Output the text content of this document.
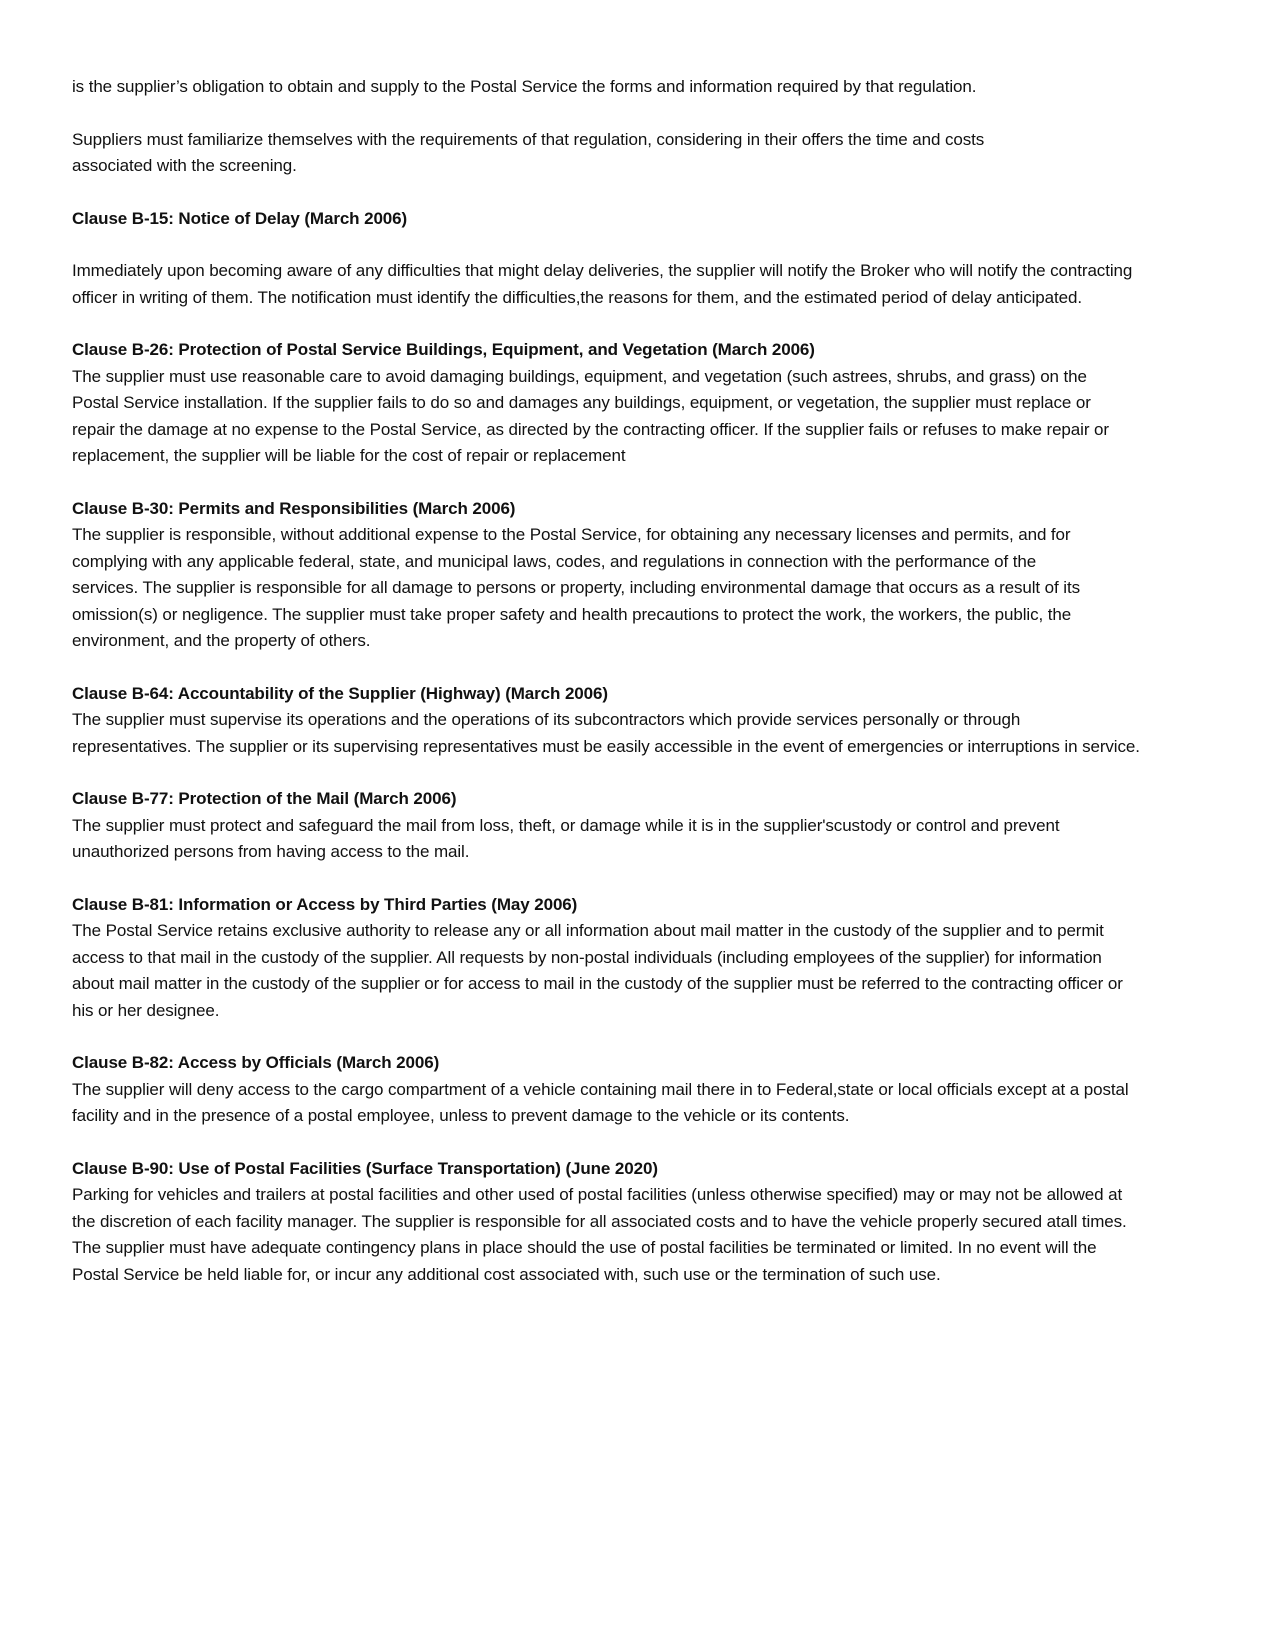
is the supplier’s obligation to obtain and supply to the Postal Service the forms and information required by that regulation.

Suppliers must familiarize themselves with the requirements of that regulation, considering in their offers the time and costs associated with the screening.

Clause B-15: Notice of Delay (March 2006)

Immediately upon becoming aware of any difficulties that might delay deliveries, the supplier will notify the Broker who will notify the contracting officer in writing of them. The notification must identify the difficulties,the reasons for them, and the estimated period of delay anticipated.

Clause B-26: Protection of Postal Service Buildings, Equipment, and Vegetation (March 2006)

The supplier must use reasonable care to avoid damaging buildings, equipment, and vegetation (such astrees, shrubs, and grass) on the Postal Service installation. If the supplier fails to do so and damages any buildings, equipment, or vegetation, the supplier must replace or repair the damage at no expense to the Postal Service, as directed by the contracting officer. If the supplier fails or refuses to make repair or replacement, the supplier will be liable for the cost of repair or replacement

Clause B-30: Permits and Responsibilities (March 2006)

The supplier is responsible, without additional expense to the Postal Service, for obtaining any necessary licenses and permits, and for complying with any applicable federal, state, and municipal laws, codes, and regulations in connection with the performance of the services. The supplier is responsible for all damage to persons or property, including environmental damage that occurs as a result of its omission(s) or negligence. The supplier must take proper safety and health precautions to protect the work, the workers, the public, the environment, and the property of others.

Clause B-64: Accountability of the Supplier (Highway) (March 2006)

The supplier must supervise its operations and the operations of its subcontractors which provide services personally or through representatives. The supplier or its supervising representatives must be easily accessible in the event of emergencies or interruptions in service.

Clause B-77: Protection of the Mail (March 2006)

The supplier must protect and safeguard the mail from loss, theft, or damage while it is in the supplier'scustody or control and prevent unauthorized persons from having access to the mail.

Clause B-81: Information or Access by Third Parties (May 2006)

The Postal Service retains exclusive authority to release any or all information about mail matter in the custody of the supplier and to permit access to that mail in the custody of the supplier. All requests by non-postal individuals (including employees of the supplier) for information about mail matter in the custody of the supplier or for access to mail in the custody of the supplier must be referred to the contracting officer or his or her designee.

Clause B-82: Access by Officials (March 2006)

The supplier will deny access to the cargo compartment of a vehicle containing mail there in to Federal,state or local officials except at a postal facility and in the presence of a postal employee, unless to prevent damage to the vehicle or its contents.

Clause B-90: Use of Postal Facilities (Surface Transportation) (June 2020)

Parking for vehicles and trailers at postal facilities and other used of postal facilities (unless otherwise specified) may or may not be allowed at the discretion of each facility manager. The supplier is responsible for all associated costs and to have the vehicle properly secured atall times. The supplier must have adequate contingency plans in place should the use of postal facilities be terminated or limited. In no event will the Postal Service be held liable for, or incur any additional cost associated with, such use or the termination of such use.
